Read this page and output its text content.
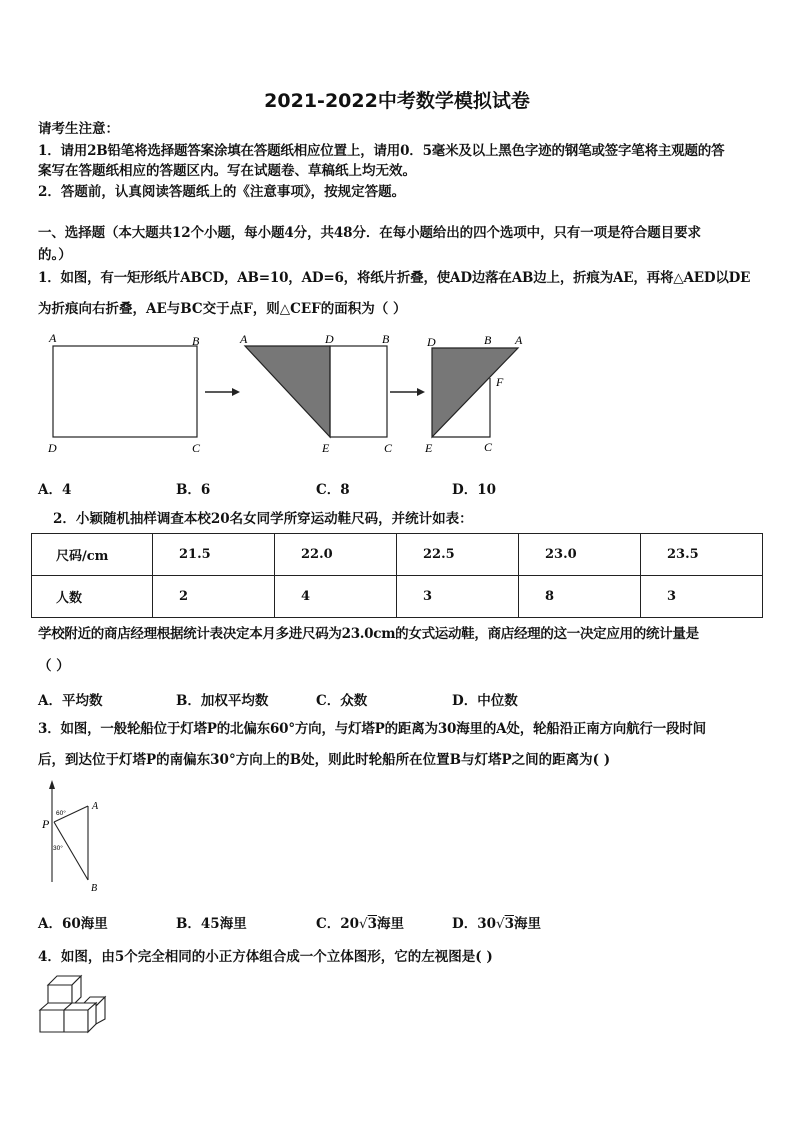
2021-2022中考数学模拟试卷
请考生注意：
1．请用2B铅笔将选择题答案涂填在答题纸相应位置上，请用0．5毫米及以上黑色字迹的钢笔或签字笔将主观题的答
案写在答题纸相应的答题区内。写在试题卷、草稿纸上均无效。
2．答题前，认真阅读答题纸上的《注意事项》，按规定答题。
一、选择题（本大题共12个小题，每小题4分，共48分．在每小题给出的四个选项中，只有一项是符合题目要求
的。）
1．如图，有一矩形纸片ABCD，AB=10，AD=6，将纸片折叠，使AD边落在AB边上，折痕为AE，再将△AED以DE
为折痕向右折叠，AE与BC交于点F，则△CEF的面积为（ ）
A	B
D	C
A	D	B
E	C
D	B A
F
E	C
A．4	B．6	C．8	D．10
2．小颖随机抽样调查本校20名女同学所穿运动鞋尺码，并统计如表：
尺码/cm	21.5	22.0	22.5	23.0	23.5
人数	2	4	3	8	3
学校附近的商店经理根据统计表决定本月多进尺码为23.0cm的女式运动鞋，商店经理的这一决定应用的统计量是
（ ）
A．平均数	B．加权平均数	C．众数	D．中位数
3．如图，一般轮船位于灯塔P的北偏东60°方向，与灯塔P的距离为30海里的A处，轮船沿正南方向航行一段时间
后，到达位于灯塔P的南偏东30°方向上的B处，则此时轮船所在位置B与灯塔P之间的距离为( )
P
A
B
60°
30°
A．60海里	B．45海里	C．20√3海里	D．30√3海里
4．如图，由5个完全相同的小正方体组合成一个立体图形，它的左视图是( )
